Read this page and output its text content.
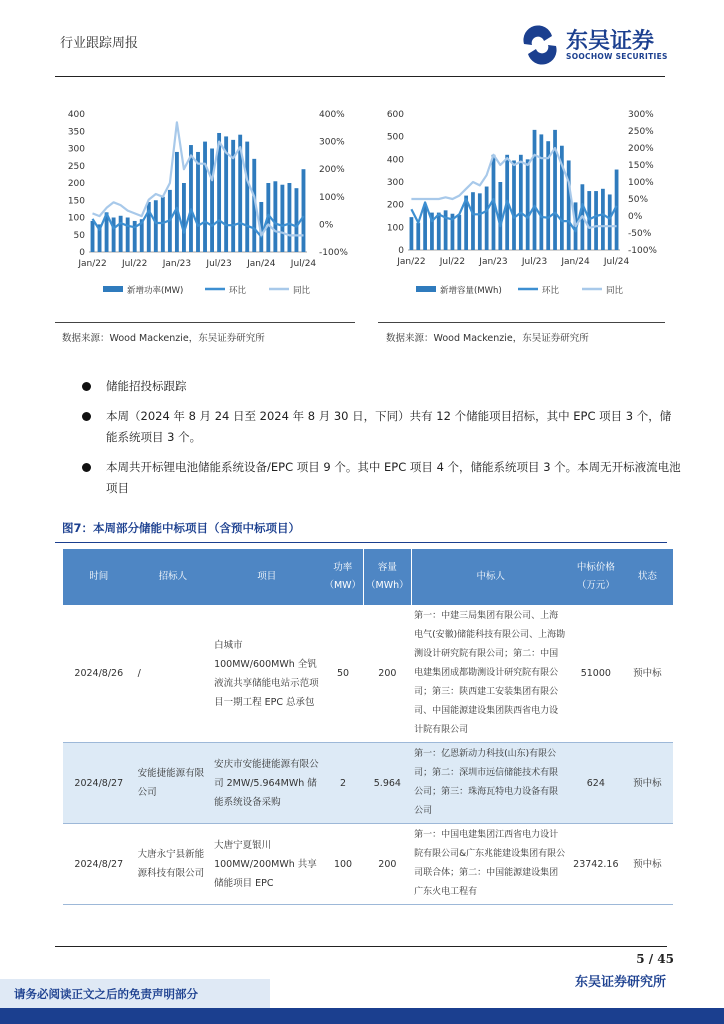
行业跟踪周报	东吴证券
SOOCHOW SECURITIES
0
50
100
150
200
250
300
350
400
-100%
0%
100%
200%
300%
400%
Jan/22 Jul/22 Jan/23 Jul/23 Jan/24 Jul/24
新增功率(MW)	环比	同比
0
100
200
300
400
500
600
-100%
-50%
0%
50%
100%
150%
200%
250%
300%
Jan/22 Jul/22 Jan/23 Jul/23 Jan/24 Jul/24
新增容量(MWh)	环比	同比
数据来源：Wood Mackenzie，东吴证券研究所	数据来源：Wood Mackenzie，东吴证券研究所
储能招投标跟踪
本周（2024 年 8 月 24 日至 2024 年 8 月 30 日，下同）共有 12 个储能项目招标，其中 EPC 项目 3 个，储能系统项目 3 个。
本周共开标锂电池储能系统设备/EPC 项目 9 个。其中 EPC 项目 4 个，储能系统项目 3 个。本周无开标液流电池项目
图7：本周部分储能中标项目（含预中标项目）
时间	招标人	项目	功率（MW）	容量（MWh）	中标人	中标价格（万元）	状态
2024/8/26	/	白城市 100MW/600MWh 全钒液流共享储能电站示范项目一期工程 EPC 总承包	50	200	第一：中建三局集团有限公司、上海电气(安徽)储能科技有限公司、上海勘测设计研究院有限公司；第二：中国电建集团成都勘测设计研究院有限公司；第三：陕西建工安装集团有限公司、中国能源建设集团陕西省电力设计院有限公司	51000	预中标
2024/8/27	安能捷能源有限公司	安庆市安能捷能源有限公司 2MW/5.964MWh 储能系统设备采购	2	5.964	第一：亿恩新动力科技(山东)有限公司；第二：深圳市远信储能技术有限公司；第三：珠海瓦特电力设备有限公司	624	预中标
2024/8/27	大唐永宁县新能源科技有限公司	大唐宁夏银川 100MW/200MWh 共享储能项目 EPC	100	200	第一：中国电建集团江西省电力设计院有限公司&广东兆能建设集团有限公司联合体；第二：中国能源建设集团广东火电工程有	23742.16	预中标
5 / 45
请务必阅读正文之后的免责声明部分
东吴证券研究所
